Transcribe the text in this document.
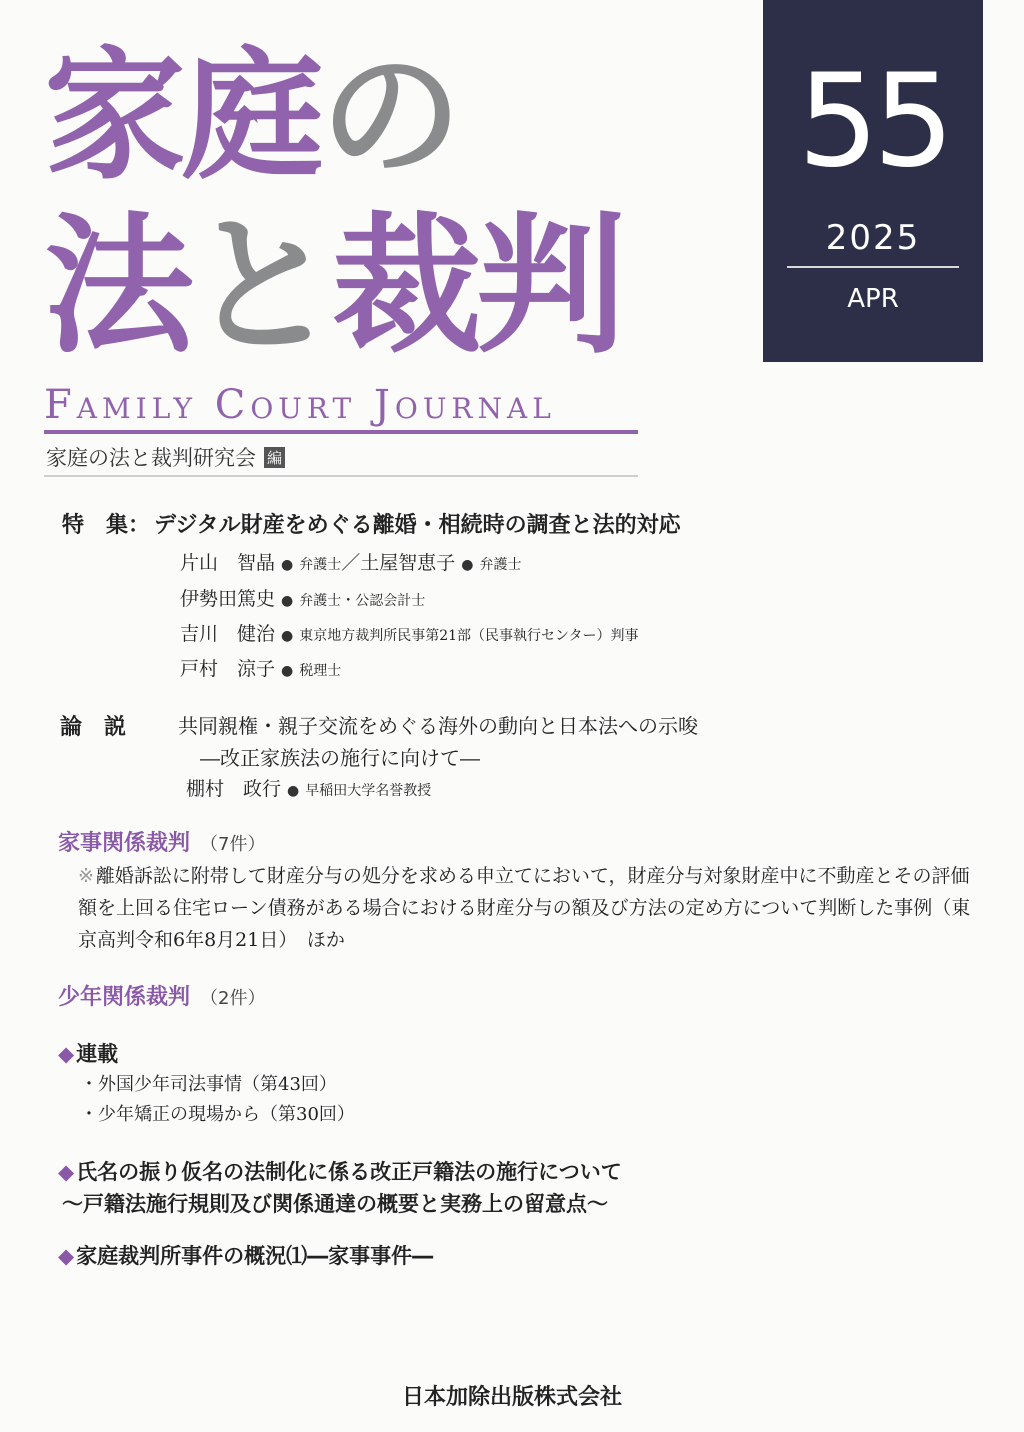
家庭の
法と裁判
Family Court Journal
家庭の法と裁判研究会 編
55
2025
APR
特　集： デジタル財産をめぐる離婚・相続時の調査と法的対応
片山　智晶 ● 弁護士／土屋智恵子 ● 弁護士
伊勢田篤史 ● 弁護士・公認会計士
吉川　健治 ● 東京地方裁判所民事第21部（民事執行センター）判事
戸村　涼子 ● 税理士
論　説	共同親権・親子交流をめぐる海外の動向と日本法への示唆
―改正家族法の施行に向けて―
棚村　政行 ● 早稲田大学名誉教授
家事関係裁判 （7件）
※ 離婚訴訟に附帯して財産分与の処分を求める申立てにおいて，財産分与対象財産中に不動産とその評価額を上回る住宅ローン債務がある場合における財産分与の額及び方法の定め方について判断した事例（東京高判令和6年8月21日）　ほか
少年関係裁判 （2件）
◆連載
・外国少年司法事情（第43回）
・少年矯正の現場から（第30回）
◆氏名の振り仮名の法制化に係る改正戸籍法の施行について
～戸籍法施行規則及び関係通達の概要と実務上の留意点～
◆家庭裁判所事件の概況⑴―家事事件―
日本加除出版株式会社
